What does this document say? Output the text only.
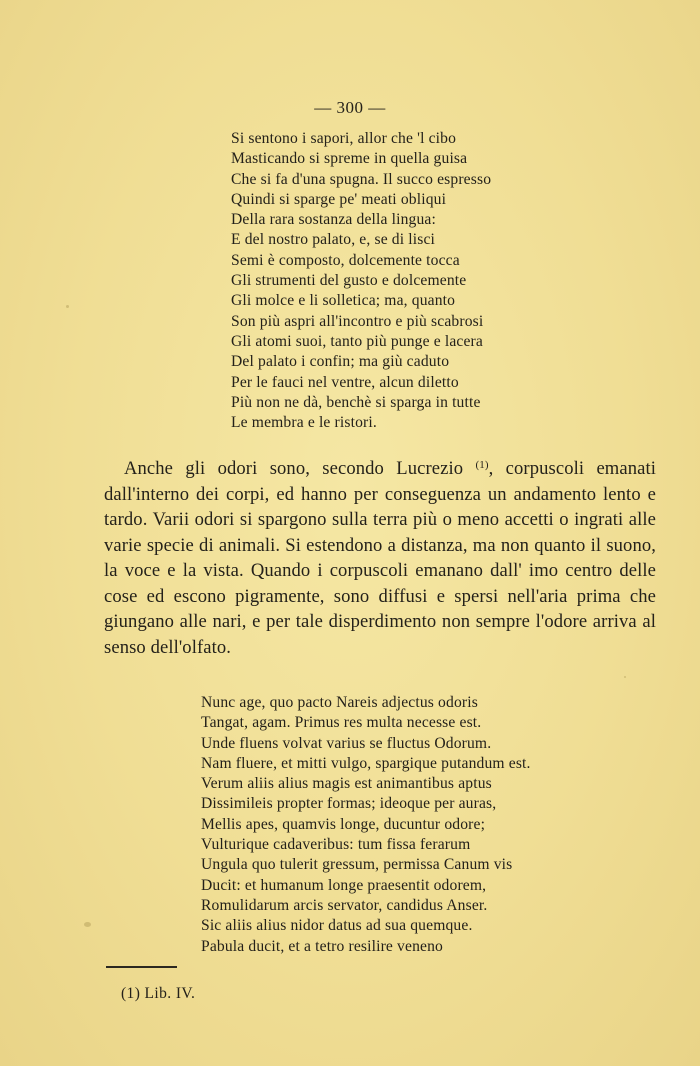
— 300 —
Si sentono i sapori, allor che 'l cibo
Masticando si spreme in quella guisa
Che si fa d'una spugna. Il succo espresso
Quindi si sparge pe' meati obliqui
Della rara sostanza della lingua:
E del nostro palato, e, se di lisci
Semi è composto, dolcemente tocca
Gli strumenti del gusto e dolcemente
Gli molce e li solletica; ma, quanto
Son più aspri all'incontro e più scabrosi
Gli atomi suoi, tanto più punge e lacera
Del palato i confin; ma giù caduto
Per le fauci nel ventre, alcun diletto
Più non ne dà, benchè si sparga in tutte
Le membra e le ristori.
Anche gli odori sono, secondo Lucrezio $^{(1)}$, corpuscoli emanati dall'interno dei corpi, ed hanno per conseguenza un andamento lento e tardo. Varii odori si spargono sulla terra più o meno accetti o ingrati alle varie specie di animali. Si estendono a distanza, ma non quanto il suono, la voce e la vista. Quando i corpuscoli emanano dall' imo centro delle cose ed escono pigramente, sono diffusi e spersi nell'aria prima che giungano alle nari, e per tale disperdimento non sempre l'odore arriva al senso dell'olfato.
Nunc age, quo pacto Nareis adjectus odoris
Tangat, agam. Primus res multa necesse est.
Unde fluens volvat varius se fluctus Odorum.
Nam fluere, et mitti vulgo, spargique putandum est.
Verum aliis alius magis est animantibus aptus
Dissimileis propter formas; ideoque per auras,
Mellis apes, quamvis longe, ducuntur odore;
Vulturique cadaveribus: tum fissa ferarum
Ungula quo tulerit gressum, permissa Canum vis
Ducit: et humanum longe praesentit odorem,
Romulidarum arcis servator, candidus Anser.
Sic aliis alius nidor datus ad sua quemque.
Pabula ducit, et a tetro resilire veneno
(1) Lib. IV.
